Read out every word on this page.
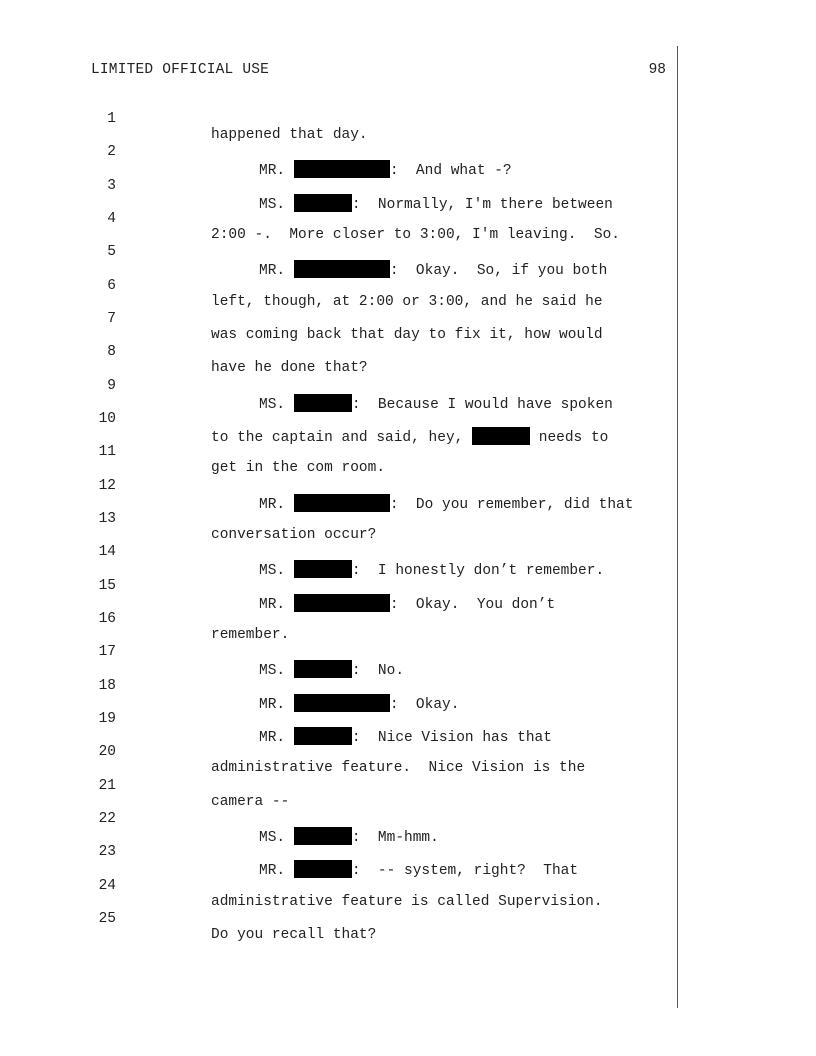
LIMITED OFFICIAL USE	98

1

happened that day.

2

MR.	:  And what -?

3

MS.	:  Normally, I'm there between

4

2:00 -.  More closer to 3:00, I'm leaving.  So.

5

MR.	:  Okay.  So, if you both

6

left, though, at 2:00 or 3:00, and he said he

7

was coming back that day to fix it, how would

8

have he done that?

9

MS.	:  Because I would have spoken

10

to the captain and said, hey,	needs to

11

get in the com room.

12

MR.	:  Do you remember, did that

13

conversation occur?

14

MS.	:  I honestly don’t remember.

15

MR.	:  Okay.  You don’t

16

remember.

17

MS.	:  No.

18

MR.	:  Okay.

19

MR.	:  Nice Vision has that

20

administrative feature.  Nice Vision is the

21

camera --

22

MS.	:  Mm-hmm.

23

MR.	:  -- system, right?  That

24

administrative feature is called Supervision.

25

Do you recall that?
